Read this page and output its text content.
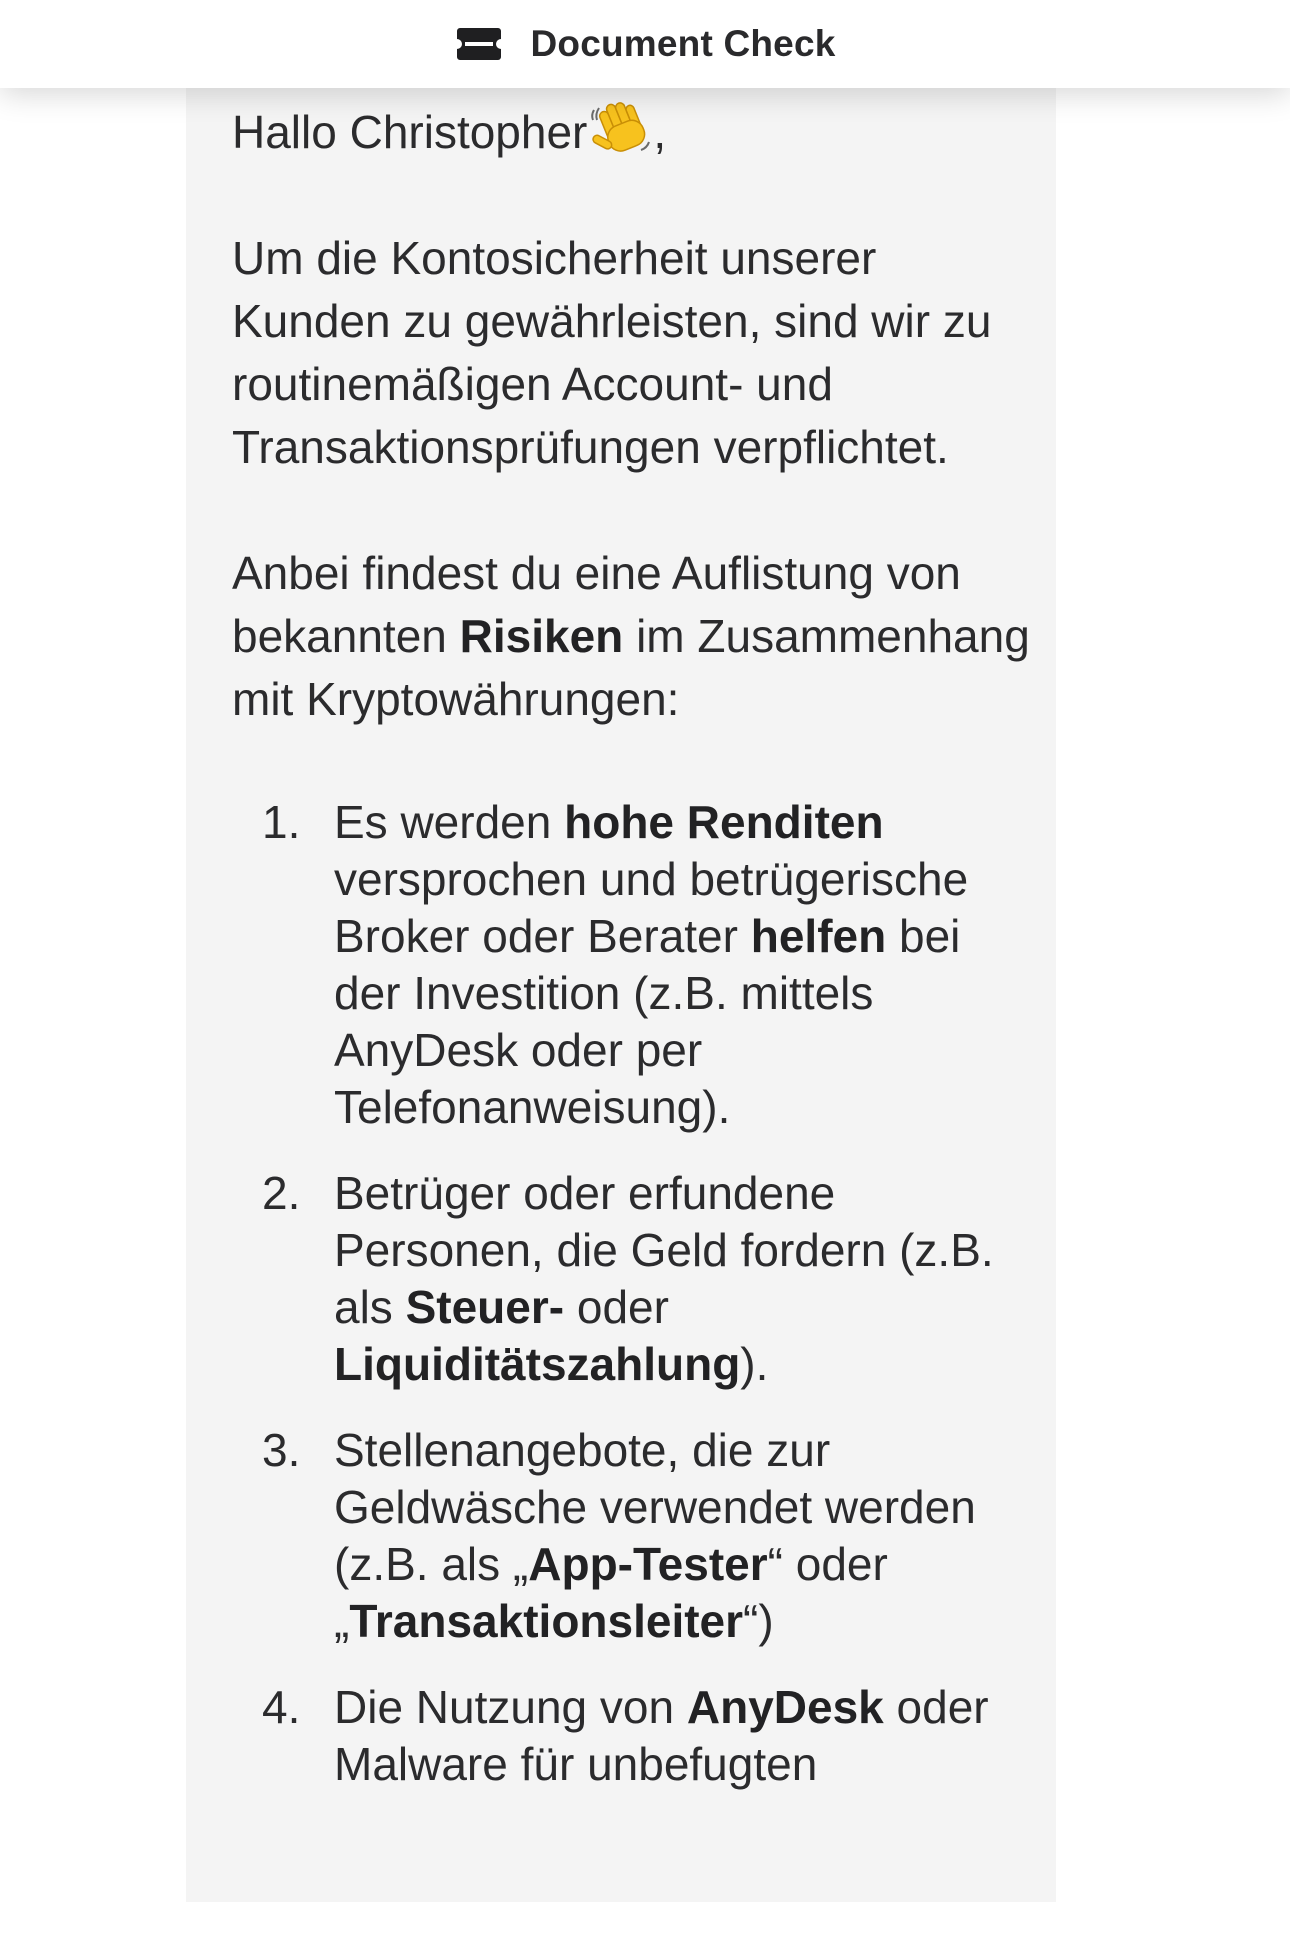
Document Check

Hallo Christopher ,

Um die Kontosicherheit unserer Kunden zu gewährleisten, sind wir zu routinemäßigen Account- und Transaktionsprüfungen verpflichtet.

Anbei findest du eine Auflistung von bekannten Risiken im Zusammenhang mit Kryptowährungen:

1. Es werden hohe Renditen versprochen und betrügerische Broker oder Berater helfen bei der Investition (z.B. mittels AnyDesk oder per Telefonanweisung).
2. Betrüger oder erfundene Personen, die Geld fordern (z.B. als Steuer- oder Liquiditätszahlung).
3. Stellenangebote, die zur Geldwäsche verwendet werden (z.B. als „App-Tester“ oder „Transaktionsleiter“)
4. Die Nutzung von AnyDesk oder Malware für unbefugten
